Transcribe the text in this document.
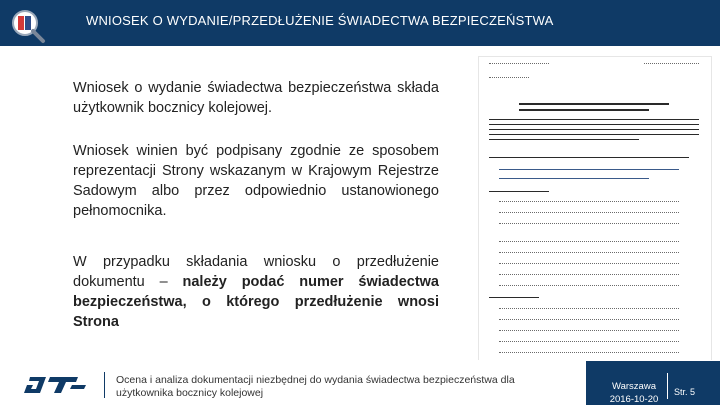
WNIOSEK O WYDANIE/PRZEDŁUŻENIE ŚWIADECTWA BEZPIECZEŃSTWA
Wniosek o wydanie świadectwa bezpieczeństwa składa użytkownik bocznicy kolejowej.
Wniosek winien być podpisany zgodnie ze sposobem reprezentacji Strony wskazanym w Krajowym Rejestrze Sadowym albo przez odpowiednio ustanowionego pełnomocnika.
W przypadku składania wniosku o przedłużenie dokumentu – należy podać numer świadectwa bezpieczeństwa, o którego przedłużenie wnosi Strona
Ocena i analiza dokumentacji niezbędnej do wydania świadectwa bezpieczeństwa dla użytkownika bocznicy kolejowej
Warszawa
2016-10-20
Str. 5
